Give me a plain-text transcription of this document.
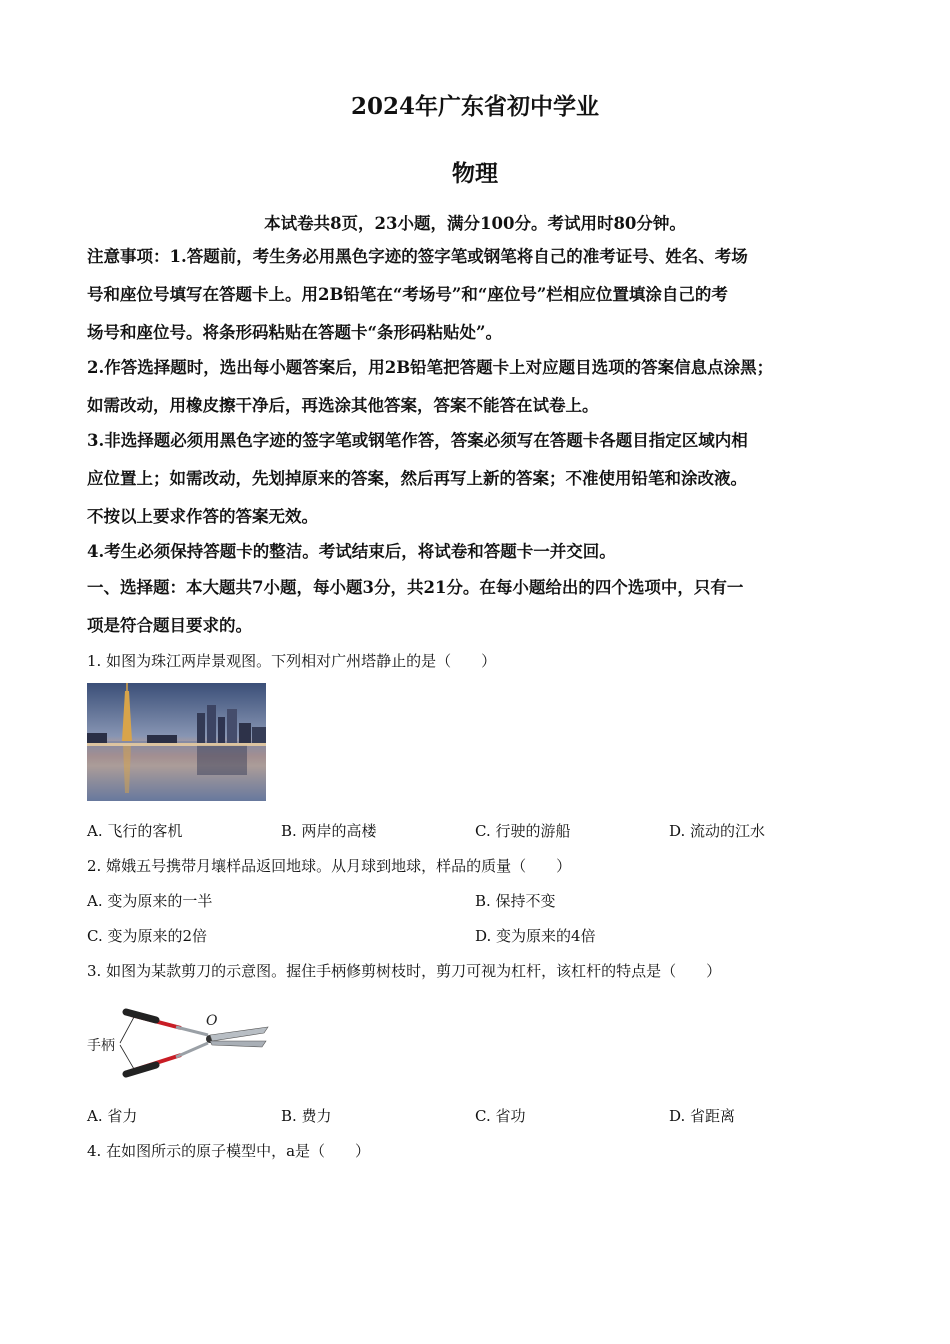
2024年广东省初中学业
物理
本试卷共8页，23小题，满分100分。考试用时80分钟。
注意事项：1.答题前，考生务必用黑色字迹的签字笔或钢笔将自己的准考证号、姓名、考场
号和座位号填写在答题卡上。用2B铅笔在“考场号”和“座位号”栏相应位置填涂自己的考
场号和座位号。将条形码粘贴在答题卡“条形码粘贴处”。
2.作答选择题时，选出每小题答案后，用2B铅笔把答题卡上对应题目选项的答案信息点涂黑；
如需改动，用橡皮擦干净后，再选涂其他答案，答案不能答在试卷上。
3.非选择题必须用黑色字迹的签字笔或钢笔作答，答案必须写在答题卡各题目指定区域内相
应位置上；如需改动，先划掉原来的答案，然后再写上新的答案；不准使用铅笔和涂改液。
不按以上要求作答的答案无效。
4.考生必须保持答题卡的整洁。考试结束后，将试卷和答题卡一并交回。
一、选择题：本大题共7小题，每小题3分，共21分。在每小题给出的四个选项中，只有一
项是符合题目要求的。
1. 如图为珠江两岸景观图。下列相对广州塔静止的是（　　）
A. 飞行的客机	B. 两岸的高楼	C. 行驶的游船	D. 流动的江水
2. 嫦娥五号携带月壤样品返回地球。从月球到地球，样品的质量（　　）
A. 变为原来的一半	B. 保持不变
C. 变为原来的2倍	D. 变为原来的4倍
3. 如图为某款剪刀的示意图。握住手柄修剪树枝时，剪刀可视为杠杆，该杠杆的特点是（　　）
手柄
O
A. 省力	B. 费力	C. 省功	D. 省距离
4. 在如图所示的原子模型中，a是（　　）
